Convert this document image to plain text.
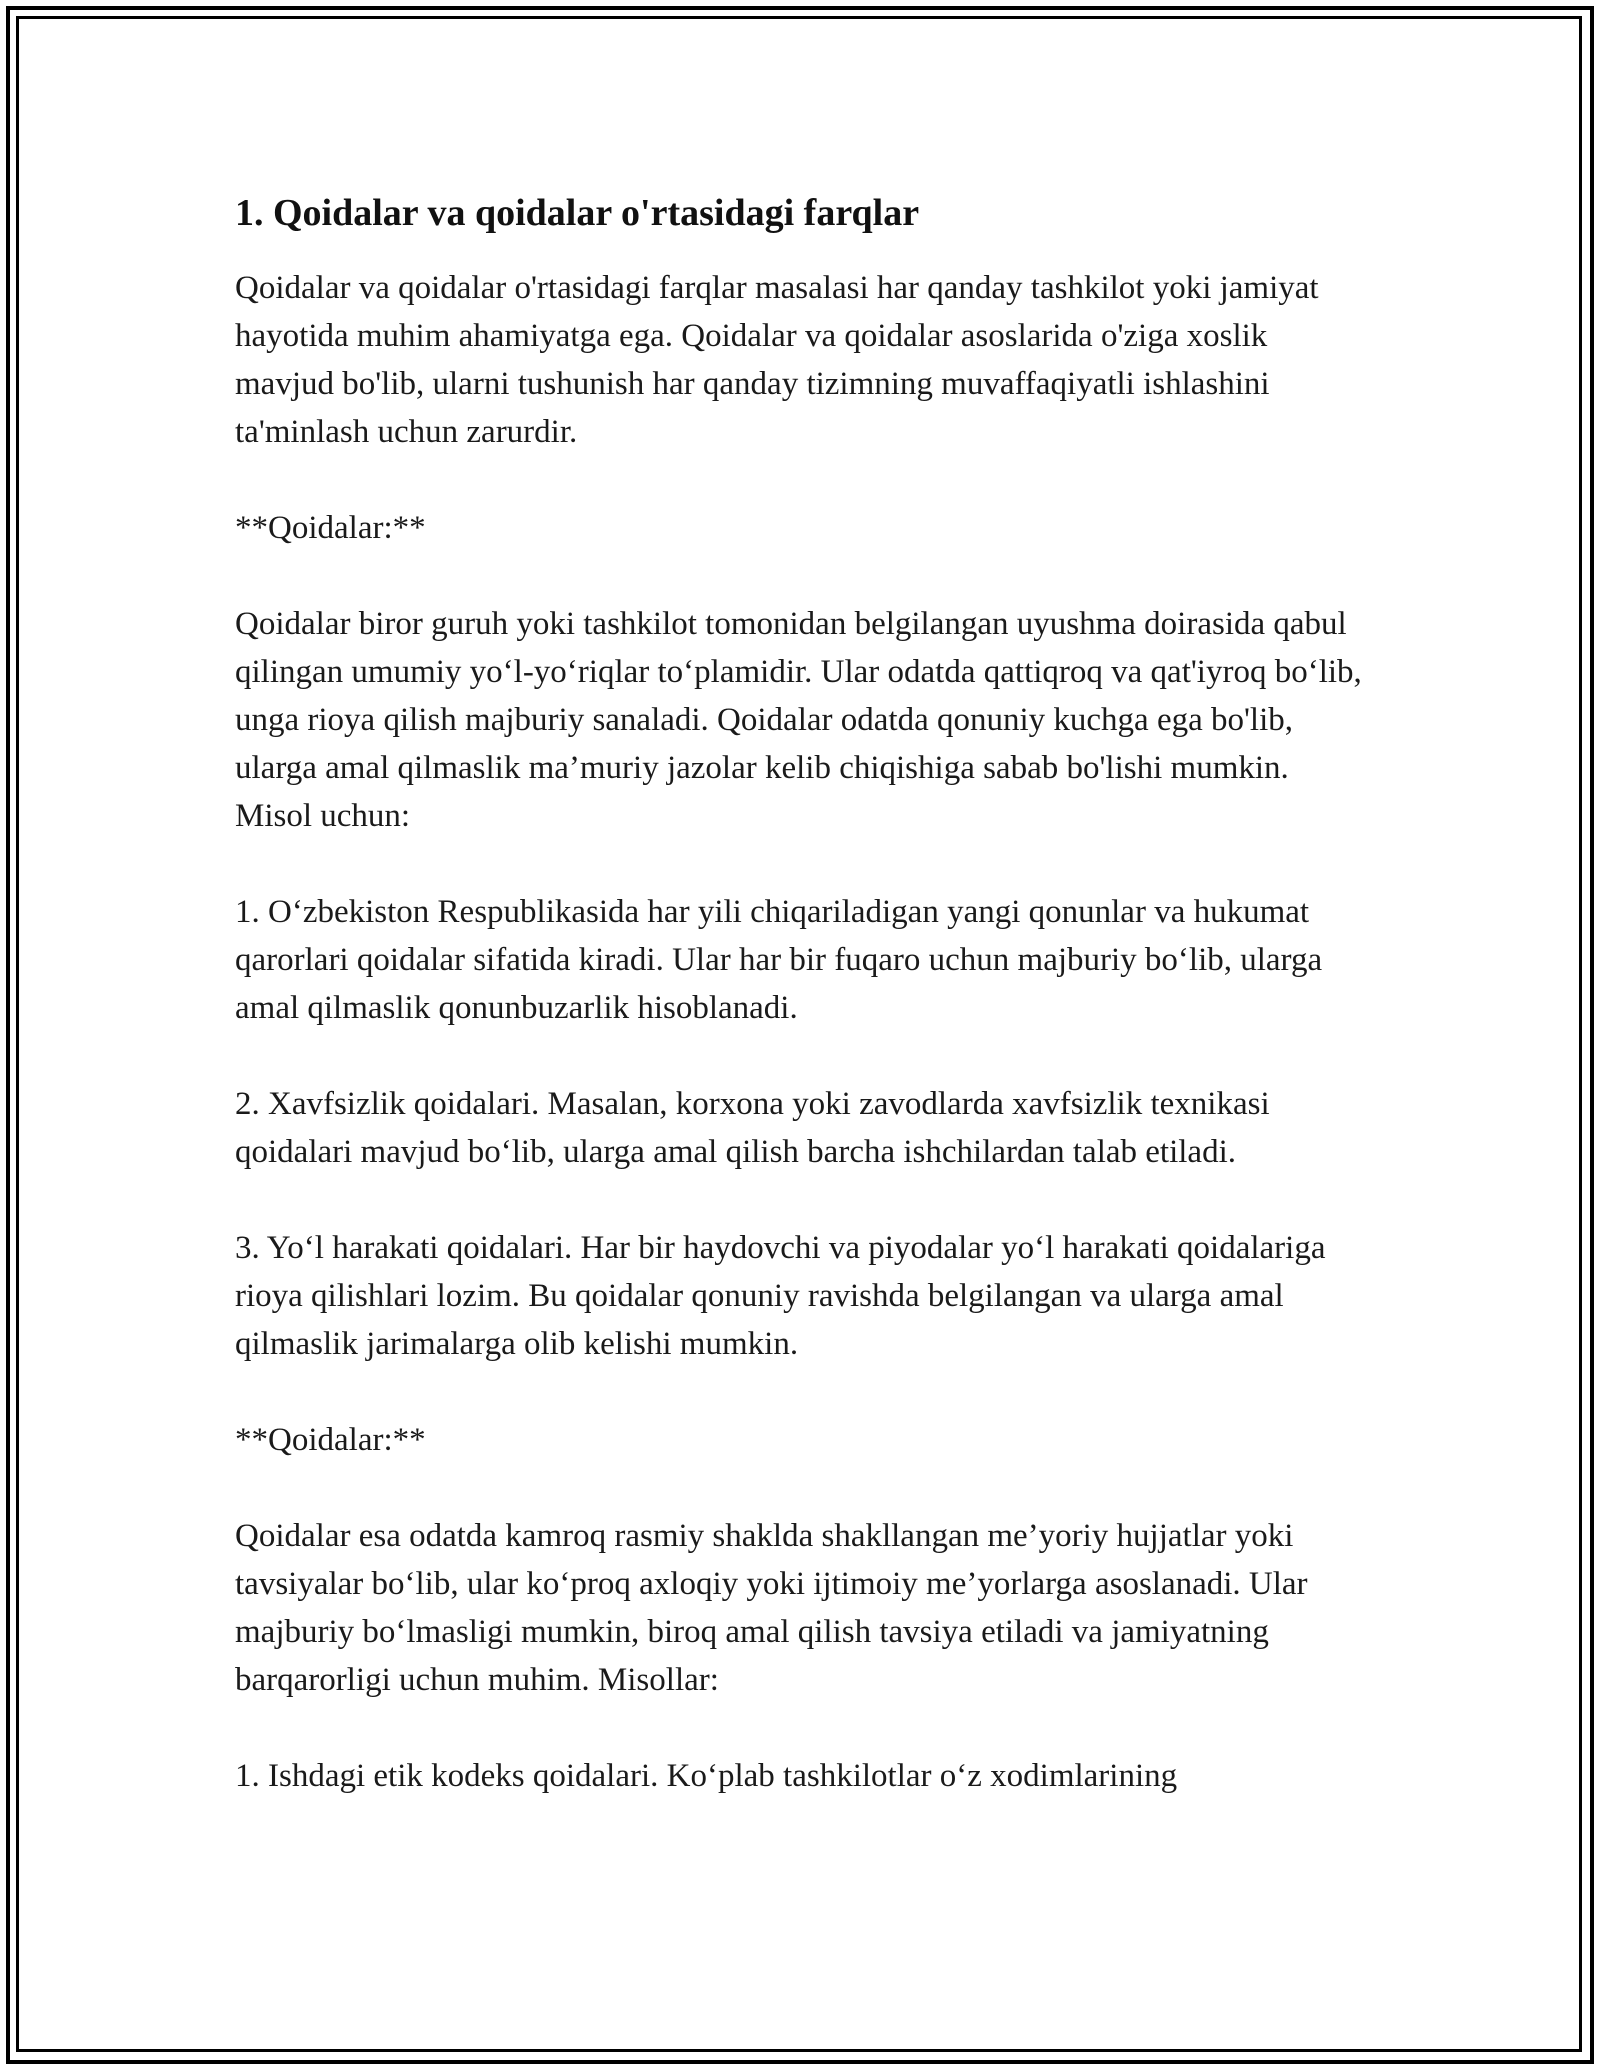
1. Qoidalar va qoidalar o'rtasidagi farqlar

Qoidalar va qoidalar o'rtasidagi farqlar masalasi har qanday tashkilot yoki jamiyat hayotida muhim ahamiyatga ega. Qoidalar va qoidalar asoslarida o'ziga xoslik mavjud bo'lib, ularni tushunish har qanday tizimning muvaffaqiyatli ishlashini ta'minlash uchun zarurdir.

**Qoidalar:**

Qoidalar biror guruh yoki tashkilot tomonidan belgilangan uyushma doirasida qabul qilingan umumiy yo‘l-yo‘riqlar to‘plamidir. Ular odatda qattiqroq va qat'iyroq bo‘lib, unga rioya qilish majburiy sanaladi. Qoidalar odatda qonuniy kuchga ega bo'lib, ularga amal qilmaslik ma’muriy jazolar kelib chiqishiga sabab bo'lishi mumkin. Misol uchun:

1. O‘zbekiston Respublikasida har yili chiqariladigan yangi qonunlar va hukumat qarorlari qoidalar sifatida kiradi. Ular har bir fuqaro uchun majburiy bo‘lib, ularga amal qilmaslik qonunbuzarlik hisoblanadi.

2. Xavfsizlik qoidalari. Masalan, korxona yoki zavodlarda xavfsizlik texnikasi qoidalari mavjud bo‘lib, ularga amal qilish barcha ishchilardan talab etiladi.

3. Yo‘l harakati qoidalari. Har bir haydovchi va piyodalar yo‘l harakati qoidalariga rioya qilishlari lozim. Bu qoidalar qonuniy ravishda belgilangan va ularga amal qilmaslik jarimalarga olib kelishi mumkin.

**Qoidalar:**

Qoidalar esa odatda kamroq rasmiy shaklda shakllangan me’yoriy hujjatlar yoki tavsiyalar bo‘lib, ular ko‘proq axloqiy yoki ijtimoiy me’yorlarga asoslanadi. Ular majburiy bo‘lmasligi mumkin, biroq amal qilish tavsiya etiladi va jamiyatning barqarorligi uchun muhim. Misollar:

1. Ishdagi etik kodeks qoidalari. Ko‘plab tashkilotlar o‘z xodimlarining
